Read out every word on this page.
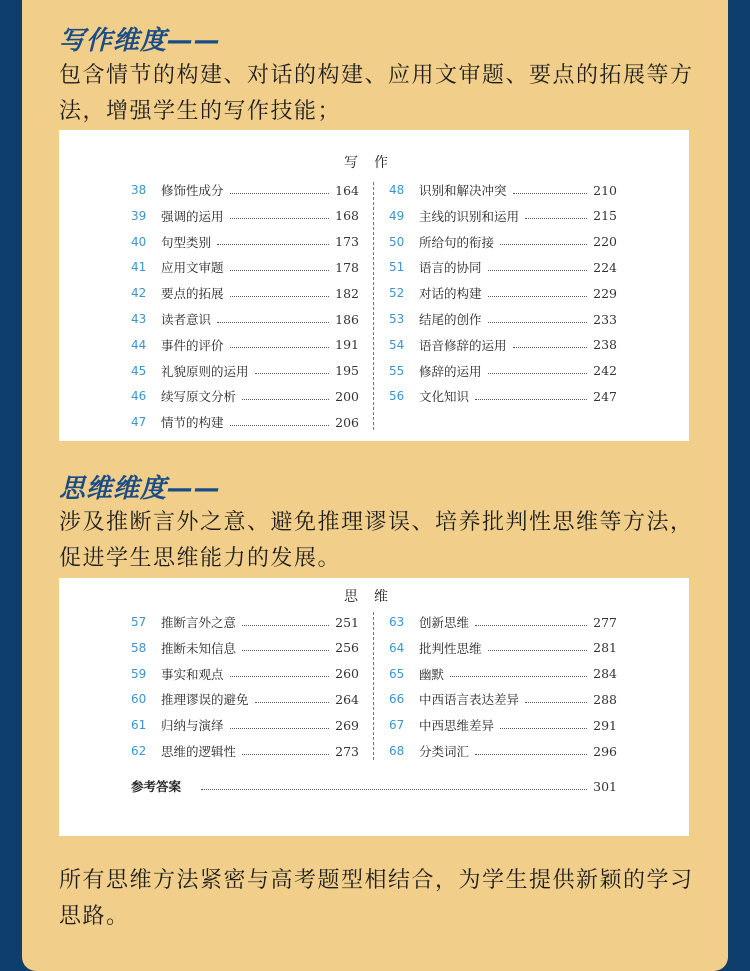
写作维度——
包含情节的构建、对话的构建、应用文审题、要点的拓展等方法，增强学生的写作技能；
写作
38	修饰性成分	164
39	强调的运用	168
40	句型类别	173
41	应用文审题	178
42	要点的拓展	182
43	读者意识	186
44	事件的评价	191
45	礼貌原则的运用	195
46	续写原文分析	200
47	情节的构建	206
48	识别和解决冲突	210
49	主线的识别和运用	215
50	所给句的衔接	220
51	语言的协同	224
52	对话的构建	229
53	结尾的创作	233
54	语音修辞的运用	238
55	修辞的运用	242
56	文化知识	247
思维维度——
涉及推断言外之意、避免推理谬误、培养批判性思维等方法，促进学生思维能力的发展。
思维
57	推断言外之意	251
58	推断未知信息	256
59	事实和观点	260
60	推理谬误的避免	264
61	归纳与演绎	269
62	思维的逻辑性	273
63	创新思维	277
64	批判性思维	281
65	幽默	284
66	中西语言表达差异	288
67	中西思维差异	291
68	分类词汇	296
参考答案	301
所有思维方法紧密与高考题型相结合，为学生提供新颖的学习思路。
